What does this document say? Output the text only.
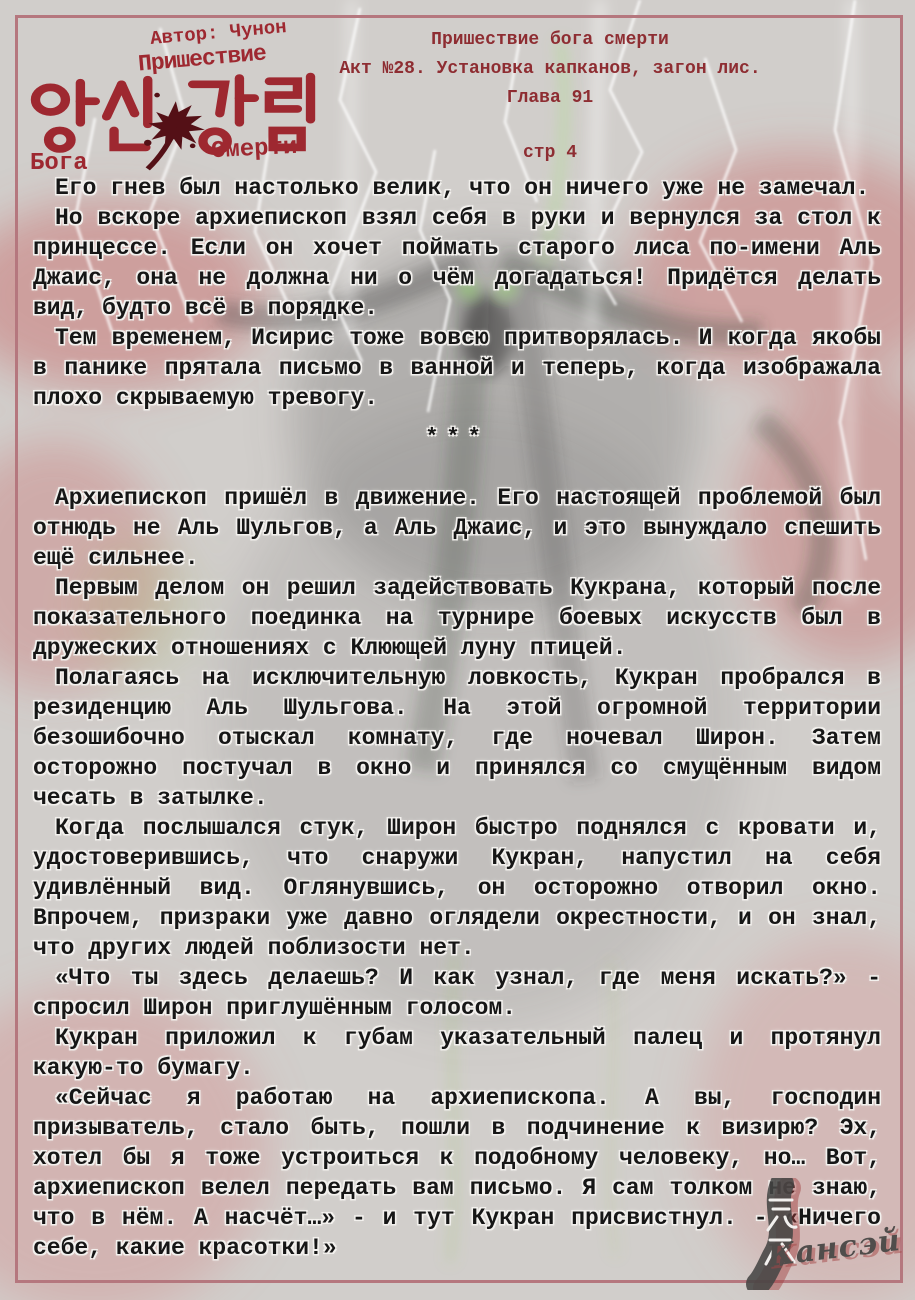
Автор: Чунон
Пришествие
Бога	Смерти
Пришествие бога смерти
Акт №28. Установка капканов, загон лис.
Глава 91
стр 4

Его гнев был настолько велик, что он ничего уже не замечал.

Но вскоре архиепископ взял себя в руки и вернулся за стол к принцессе. Если он хочет поймать старого лиса по-имени Аль Джаис, она не должна ни о чём догадаться! Придётся делать вид, будто всё в порядке.

Тем временем, Исирис тоже вовсю притворялась. И когда якобы в панике прятала письмо в ванной и теперь, когда изображала плохо скрываемую тревогу.

***

Архиепископ пришёл в движение. Его настоящей проблемой был отнюдь не Аль Шульгов, а Аль Джаис, и это вынуждало спешить ещё сильнее.

Первым делом он решил задействовать Кукрана, который после показательного поединка на турнире боевых искусств был в дружеских отношениях с Клюющей луну птицей.

Полагаясь на исключительную ловкость, Кукран пробрался в резиденцию Аль Шульгова. На этой огромной территории безошибочно отыскал комнату, где ночевал Широн. Затем осторожно постучал в окно и принялся со смущённым видом чесать в затылке.

Когда послышался стук, Широн быстро поднялся с кровати и, удостоверившись, что снаружи Кукран, напустил на себя удивлённый вид. Оглянувшись, он осторожно отворил окно. Впрочем, призраки уже давно оглядели окрестности, и он знал, что других людей поблизости нет.

«Что ты здесь делаешь? И как узнал, где меня искать?» - спросил Широн приглушённым голосом.

Кукран приложил к губам указательный палец и протянул какую-то бумагу.

«Сейчас я работаю на архиепископа. А вы, господин призыватель, стало быть, пошли в подчинение к визирю? Эх, хотел бы я тоже устроиться к подобному человеку, но… Вот, архиепископ велел передать вам письмо. Я сам толком не знаю, что в нём. А насчёт…» - и тут Кукран присвистнул. - «Ничего себе, какие красотки!»	Кансэй
